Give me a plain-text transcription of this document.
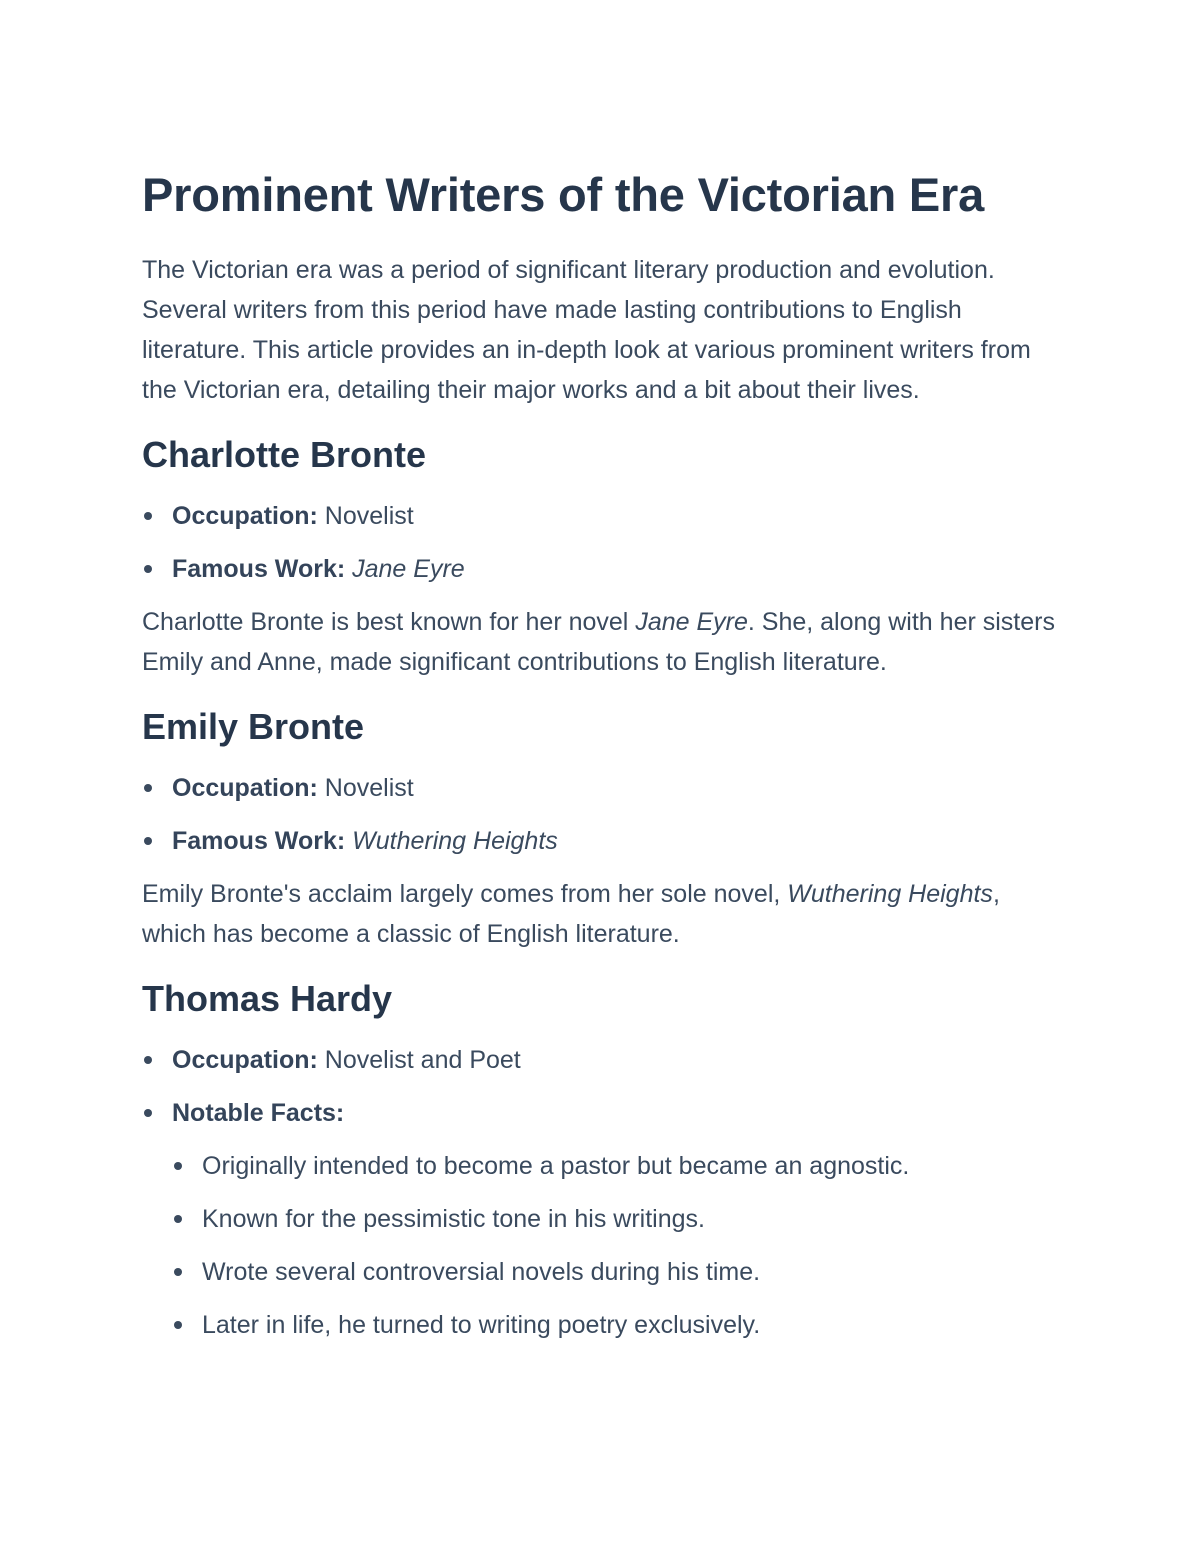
Prominent Writers of the Victorian Era

The Victorian era was a period of significant literary production and evolution. Several writers from this period have made lasting contributions to English literature. This article provides an in-depth look at various prominent writers from the Victorian era, detailing their major works and a bit about their lives.

Charlotte Bronte
Occupation: Novelist
Famous Work: Jane Eyre

Charlotte Bronte is best known for her novel Jane Eyre. She, along with her sisters Emily and Anne, made significant contributions to English literature.

Emily Bronte
Occupation: Novelist
Famous Work: Wuthering Heights

Emily Bronte's acclaim largely comes from her sole novel, Wuthering Heights, which has become a classic of English literature.

Thomas Hardy
Occupation: Novelist and Poet
Notable Facts:
Originally intended to become a pastor but became an agnostic.
Known for the pessimistic tone in his writings.
Wrote several controversial novels during his time.
Later in life, he turned to writing poetry exclusively.
